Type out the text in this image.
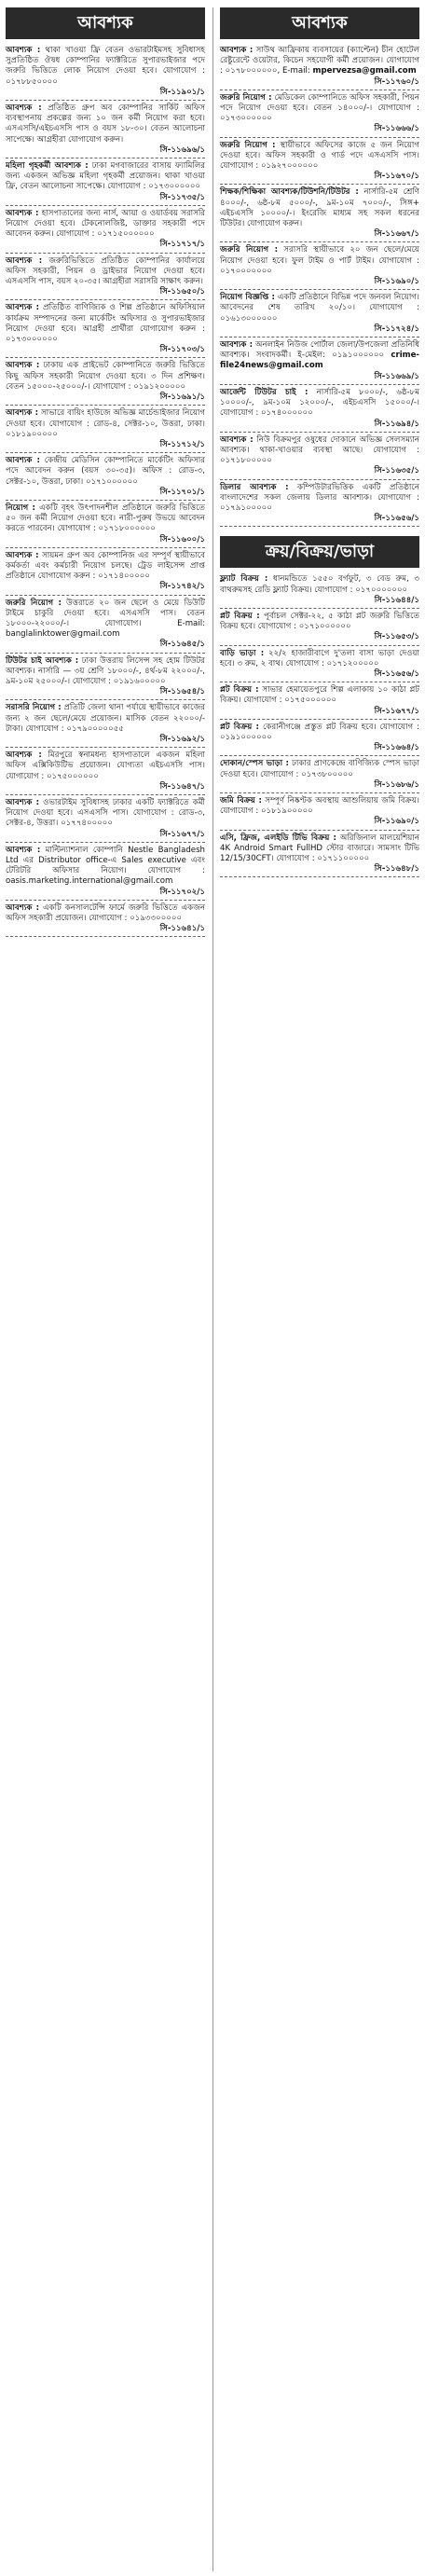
আবশ্যক
আবশ্যক : থাকা খাওয়া ফ্রি বেতন ওভারটাইমসহ সুবিধাসহ সুপ্রতিষ্ঠিত ঔষধ কোম্পানির ফ্যাক্টরিতে সুপারভাইজার পদে জরুরি ভিত্তিতে লোক নিয়োগ দেওয়া হবে। যোগাযোগ : ০১৭৮৮৫০০০০
সি-১১৯০১/১
আবশ্যক : প্রতিষ্ঠিত গ্রুপ অব কোম্পানির সার্কিট অফিস ব্যবস্থাপনায় প্রকল্পের জন্য ১০ জন কর্মী নিয়োগ করা হবে। এসএসসি/এইচএসসি পাস ও বয়স ১৮-৩০। বেতন আলোচনা সাপেক্ষে। আগ্রহীরা যোগাযোগ করুন।
সি-১১৬৯৬/১
মহিলা গৃহকর্মী আবশ্যক : ঢাকা মগবাজারের বাসায় ফ্যামিলির জন্য একজন অভিজ্ঞ মহিলা গৃহকর্মী প্রয়োজন। থাকা খাওয়া ফ্রি, বেতন আলোচনা সাপেক্ষে। যোগাযোগ : ০১৭৩০০০০০০
সি-১১৭৩৫/১
আবশ্যক : হাসপাতালের জন্য নার্স, আয়া ও ওয়ার্ডবয় সরাসরি নিয়োগ দেওয়া হবে। টেকনোলজিষ্ট, ডাক্তার সহকারী পদে আবেদন করুন। যোগাযোগ : ০১৭১৫০০০০০০
সি-১১৭১৭/১
আবশ্যক : জরুরিভিত্তিতে প্রতিষ্ঠিত কোম্পানির কার্যালয়ে অফিস সহকারী, পিয়ন ও ড্রাইভার নিয়োগ দেওয়া হবে। এসএসসি পাস, বয়স ২০-৩৫। আগ্রহীরা সরাসরি সাক্ষাৎ করুন।
সি-১১৬৫০/১
আবশ্যক : প্রতিষ্ঠিত বাণিজ্যিক ও শিল্প প্রতিষ্ঠানে অফিসিয়াল কার্যক্রম সম্পাদনের জন্য মার্কেটিং অফিসার ও সুপারভাইজার নিয়োগ দেওয়া হবে। আগ্রহী প্রার্থীরা যোগাযোগ করুন : ০১৭৩০০০০০০
সি-১১৭০৩/১
আবশ্যক : ঢাকায় এক প্রাইভেট কোম্পানিতে জরুরি ভিত্তিতে কিছু অফিস সহকারী নিয়োগ দেওয়া হবে। ৩ দিন প্রশিক্ষণ। বেতন ১৫০০০-২৫০০০/-। যোগাযোগ : ০১৯১২০০০০০
সি-১১৬৯১/১
আবশ্যক : সাভারে বায়িং হাউজে অভিজ্ঞ মার্চেন্ডাইজার নিয়োগ দেওয়া হবে। যোগাযোগ : রোড-৪, সেক্টর-১০, উত্তরা, ঢাকা। ০১৮১৯০০০০০
সি-১১৭১২/১
আবশ্যক : কেন্দ্রীয় মেডিসিন কোম্পানিতে মার্কেটিং অফিসার পদে আবেদন করুন (বয়স ৩০-৩৫)। অফিস : রোড-৩, সেক্টর-১০, উত্তরা, ঢাকা। ০১৭১০০০০০০
সি-১১৭০১/১
নিয়োগ : একটি বৃহৎ উৎপাদনশীল প্রতিষ্ঠানে জরুরি ভিত্তিতে ৫০ জন কর্মী নিয়োগ দেওয়া হবে। নারী-পুরুষ উভয়ে আবেদন করতে পারবেন। যোগাযোগ : ০১৭১৮০০০০০০
সি-১১৬০০/১
আবশ্যক : সায়মন গ্রুপ অব কোম্পানিজ এর সম্পূর্ণ স্থায়ীভাবে কর্মকর্তা এবং কর্মচারী নিয়োগ চলছে। ট্রেড লাইসেন্স প্রাপ্ত প্রতিষ্ঠানে যোগাযোগ করুন : ০১৭১৪০০০০০
সি-১১৭৪২/১
জরুরি নিয়োগ : উত্তরাতে ২০ জন ছেলে ও মেয়ে ডিউটি টাইমে চাকুরি দেওয়া হবে। এসএসসি পাস। বেতন ১৮০০০-২২০০০/-। যোগাযোগ। E-mail: banglalinktower@gmail.com
সি-১১৬৪৫/১
টিউটর চাই আবশ্যক : ঢাকা উত্তরায় লিসেন্স সহ হোম টিউটর আবশ্যক। নার্সারি — ৩য় শ্রেণি ১৮০০০/-, ৪র্থ-৮ম ২২০০০/-, ৯ম-১০ম ২৫০০০/-। যোগাযোগ : ০১৯১৬০০০০০
সি-১১৬৫৪/১
সরাসরি নিয়োগ : প্রতিটি জেলা থানা পর্যায়ে স্থায়ীভাবে কাজের জন্য ২ জন ছেলে/মেয়ে প্রয়োজন। মাসিক বেতন ২২০০০/- টাকা। যোগাযোগ : ০১৭৯০০০০০৫৫
সি-১১৬৯২/১
আবশ্যক : মিরপুরে স্বনামধন্য হাসপাতালে একজন মহিলা অফিস এক্সিকিউটিভ প্রয়োজন। যোগ্যতা এইচএসসি পাস। যোগাযোগ : ০১৭৫০০০০০০
সি-১১৬৪৭/১
আবশ্যক : ওভারটাইম সুবিধাসহ ঢাকার একটি ফ্যাক্টরিতে কর্মী নিয়োগ দেওয়া হবে। এসএসসি পাস। যোগাযোগ : রোড-৩, সেক্টর-৪, উত্তরা। ০১৭৭৪০০০০০
সি-১১৬৭৭/১
আবশ্যক : মাল্টিন্যাশনাল কোম্পানি Nestle Bangladesh Ltd এর Distributor office-এ Sales executive এবং টেরিটরি অফিসার নিয়োগ। যোগাযোগ : oasis.marketing.international@gmail.com
সি-১১৭০২/১
আবশ্যক : একটি কনসালটেন্সি ফার্মে জরুরি ভিত্তিতে একজন অফিস সহকারী প্রয়োজন। যোগাযোগ : ০১৯৩৩০০০০০
সি-১১৬৪১/১
আবশ্যক
আবশ্যক : সাউথ আফ্রিকায় ব্যবসায়ের (ক্যাপ্টেন) চীন হোটেল রেষ্টুরেন্টে ওয়েটার, কিচেন সহযোগী কর্মী প্রয়োজন। যোগাযোগ : ০১৭৮০০০০০০, E-mail: mpervezsa@gmail.com
সি-১১৭৬০/১
জরুরি নিয়োগ : মেডিকেল কোম্পানিতে অফিস সহকারী, পিয়ন পদে নিয়োগ দেওয়া হবে। বেতন ১৪০০০/-। যোগাযোগ : ০১৭৩০০০০০০
সি-১১৬৬৬/১
জরুরি নিয়োগ : স্থায়ীভাবে অফিসের কাজে ৫ জন নিয়োগ দেওয়া হবে। অফিস সহকারী ও গার্ড পদে এসএসসি পাস। যোগাযোগ : ০১৯২৭০০০০০০
সি-১১৬৭০/১
শিক্ষক/শিক্ষিকা আবশ্যক/টিউশনি/টিউটর : নার্সারি-৫ম শ্রেণি ৪০০০/-, ৬ষ্ঠ-৮ম ৫০০০/-, ৯ম-১০ম ৭০০০/-, সিঙ্গ+ এইচএসসি ১০০০০/-। ইংরেজি মাধ্যম সহ সকল ধরনের টিউটর। যোগাযোগ করুন।
সি-১১৬৬৭/১
জরুরি নিয়োগ : সরাসরি স্থায়ীভাবে ২০ জন ছেলে/মেয়ে নিয়োগ দেওয়া হবে। ফুল টাইম ও পার্ট টাইম। যোগাযোগ : ০১৭০০০০০০০
সি-১১৬৯০/১
নিয়োগ বিজ্ঞপ্তি : একটি প্রতিষ্ঠানে বিভিন্ন পদে জনবল নিয়োগ। আবেদনের শেষ তারিখ ২০/১০। যোগাযোগ : ০১৬১৩০০০০০০
সি-১১৭২৪/১
আবশ্যক : অনলাইন নিউজ পোর্টাল জেলা/উপজেলা প্রতিনিধি আবশ্যক। সংবাদকর্মী। ই-মেইল: ০১৯১০০০০০০ crime-file24news@gmail.com
সি-১১৬৬৯/১
আর্জেন্ট টিউটর চাই : নার্সারি-৫ম ৮০০০/-, ৬ষ্ঠ-৮ম ১০০০০/-, ৯ম-১০ম ১২০০০/-, এইচএসসি ১৫০০০/-। যোগাযোগ : ০১৭৪০০০০০০
সি-১১৬৯৪/১
আবশ্যক : নিউ বিক্রমপুর ওষুধের দোকানে অভিজ্ঞ সেলসম্যান আবশ্যক। থাকা-খাওয়ার ব্যবস্থা আছে। যোগাযোগ : ০১৭১৮০০০০০
সি-১১৬৩৫/১
ডিলার আবশ্যক : কম্পিউটারভিত্তিক একটি প্রতিষ্ঠানে বাংলাদেশের সকল জেলায় ডিলার আবশ্যক। যোগাযোগ : ০১৭৯১০০০০০
সি-১১৬৫৬/১
ক্রয়/বিক্রয়/ভাড়া
ফ্ল্যাট বিক্রয় : ধানমন্ডিতে ১৫৫০ বর্গফুট, ৩ বেড রুম, ৩ বাথরুমসহ রেডি ফ্ল্যাট বিক্রয়। যোগাযোগ : ০১৭০০০০০০০
সি-১১৬৪৪/১
প্লট বিক্রয় : পূর্বাচল সেক্টর-২২, ৫ কাঠা প্লট জরুরি ভিত্তিতে বিক্রয় হবে। যোগাযোগ : ০১৭১০০০০০০
সি-১১৬৫৩/১
বাড়ি ভাড়া : ২২/২ হাজারীবাগে দু'তলা বাসা ভাড়া দেওয়া হবে। ৩ রুম, ২ বাথ। যোগাযোগ : ০১৭১২০০০০০
সি-১১৬৫৬/১
প্লট বিক্রয় : সাভার হেমায়েতপুরে শিল্প এলাকায় ১০ কাঠা প্লট বিক্রয়। যোগাযোগ : ০১৭৫০০০০০০
সি-১১৬৭৭/১
প্লট বিক্রয় : কেরানীগঞ্জে প্রস্তুত প্লট বিক্রয় হবে। যোগাযোগ : ০১৯১০০০০০০
সি-১১৬৬৪/১
দোকান/স্পেস ভাড়া : ঢাকার প্রাণকেন্দ্রে বাণিজ্যিক স্পেস ভাড়া দেওয়া হবে। যোগাযোগ : ০১৭৩৮০০০০০
সি-১১৬৮৬/১
জমি বিক্রয় : সম্পূর্ণ নিষ্কণ্টক অবস্থায় আশুলিয়ায় জমি বিক্রয়। যোগাযোগ : ০১৮১৯০০০০০
সি-১১৬৯০/১
এসি, ফ্রিজ, এলইডি টিভি বিক্রয় : অরিজিনাল মালয়েশিয়ান 4K Android Smart FullHD স্টোর বাজারে। সামসাং টিভি 12/15/30CFT। যোগাযোগ : ০১৭১১০০০০০
সি-১১৬৪৮/১
